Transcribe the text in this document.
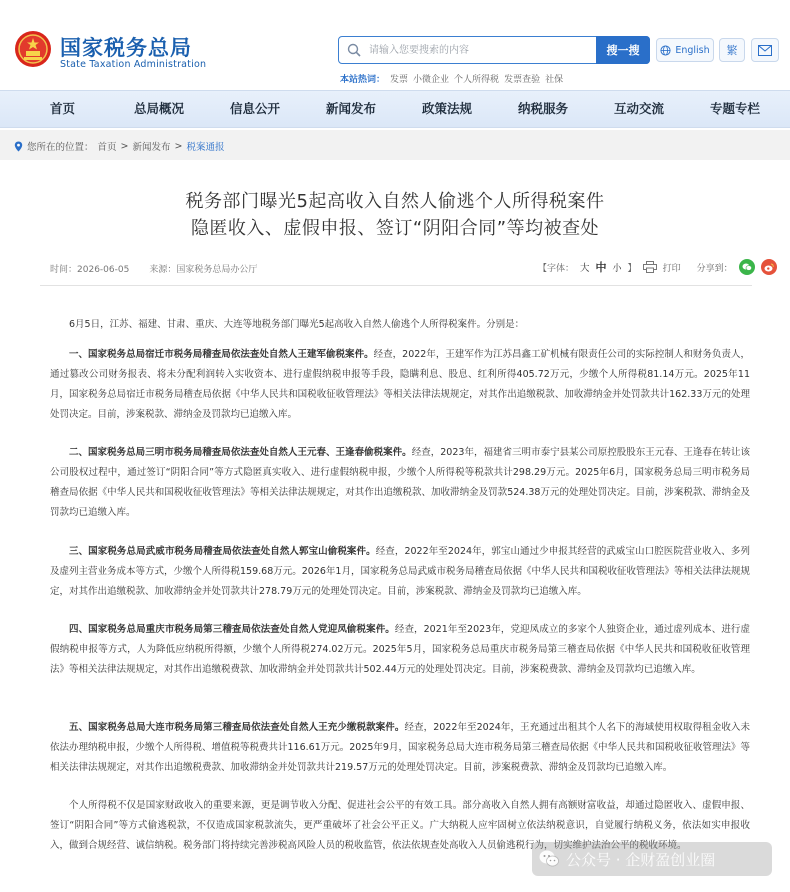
国家税务总局
State Taxation Administration
请输入您要搜索的内容
搜一搜	English	繁
本站热词： 发票 小微企业 个人所得税 发票查验 社保
首页	总局概况	信息公开	新闻发布	政策法规	纳税服务	互动交流	专题专栏
您所在的位置： 首页 > 新闻发布 > 税案通报
税务部门曝光5起高收入自然人偷逃个人所得税案件
隐匿收入、虚假申报、签订“阴阳合同”等均被查处
时间：2026-06-05 来源：国家税务总局办公厅	【字体： 大 中 小 】	打印 分享到：

6月5日，江苏、福建、甘肃、重庆、大连等地税务部门曝光5起高收入自然人偷逃个人所得税案件。分别是：

一、国家税务总局宿迁市税务局稽查局依法查处自然人王建军偷税案件。经查，2022年，王建军作为江苏昌鑫工矿机械有限责任公司的实际控制人和财务负责人，通过篡改公司财务报表、将未分配利润转入实收资本、进行虚假纳税申报等手段，隐瞒利息、股息、红利所得405.72万元，少缴个人所得税81.14万元。2025年11月，国家税务总局宿迁市税务局稽查局依据《中华人民共和国税收征收管理法》等相关法律法规规定，对其作出追缴税款、加收滞纳金并处罚款共计162.33万元的处理处罚决定。目前，涉案税款、滞纳金及罚款均已追缴入库。

二、国家税务总局三明市税务局稽查局依法查处自然人王元春、王逢春偷税案件。经查，2023年，福建省三明市泰宁县某公司原控股股东王元春、王逢春在转让该公司股权过程中，通过签订“阴阳合同”等方式隐匿真实收入、进行虚假纳税申报，少缴个人所得税等税款共计298.29万元。2025年6月，国家税务总局三明市税务局稽查局依据《中华人民共和国税收征收管理法》等相关法律法规规定，对其作出追缴税款、加收滞纳金及罚款524.38万元的处理处罚决定。目前，涉案税款、滞纳金及罚款均已追缴入库。

三、国家税务总局武威市税务局稽查局依法查处自然人郭宝山偷税案件。经查，2022年至2024年，郭宝山通过少申报其经营的武威宝山口腔医院营业收入、多列及虚列主营业务成本等方式，少缴个人所得税159.68万元。2026年1月，国家税务总局武威市税务局稽查局依据《中华人民共和国税收征收管理法》等相关法律法规规定，对其作出追缴税款、加收滞纳金并处罚款共计278.79万元的处理处罚决定。目前，涉案税款、滞纳金及罚款均已追缴入库。

四、国家税务总局重庆市税务局第三稽查局依法查处自然人党迎凤偷税案件。经查，2021年至2023年，党迎凤成立的多家个人独资企业，通过虚列成本、进行虚假纳税申报等方式，人为降低应纳税所得额，少缴个人所得税274.02万元。2025年5月，国家税务总局重庆市税务局第三稽查局依据《中华人民共和国税收征收管理法》等相关法律法规规定，对其作出追缴税费款、加收滞纳金并处罚款共计502.44万元的处理处罚决定。目前，涉案税费款、滞纳金及罚款均已追缴入库。

五、国家税务总局大连市税务局第三稽查局依法查处自然人王充少缴税款案件。经查，2022年至2024年，王充通过出租其个人名下的海域使用权取得租金收入未依法办理纳税申报，少缴个人所得税、增值税等税费共计116.61万元。2025年9月，国家税务总局大连市税务局第三稽查局依据《中华人民共和国税收征收管理法》等相关法律法规规定，对其作出追缴税费款、加收滞纳金并处罚款共计219.57万元的处理处罚决定。目前，涉案税费款、滞纳金及罚款均已追缴入库。

个人所得税不仅是国家财政收入的重要来源，更是调节收入分配、促进社会公平的有效工具。部分高收入自然人拥有高额财富收益，却通过隐匿收入、虚假申报、签订“阴阳合同”等方式偷逃税款，不仅造成国家税款流失，更严重破坏了社会公平正义。广大纳税人应牢固树立依法纳税意识，自觉履行纳税义务，依法如实申报收入，做到合规经营、诚信纳税。税务部门将持续完善涉税高风险人员的税收监管，依法依规查处高收入人员偷逃税行为，切实维护法治公平的税收环境。

公众号 · 企财盈创业圈
